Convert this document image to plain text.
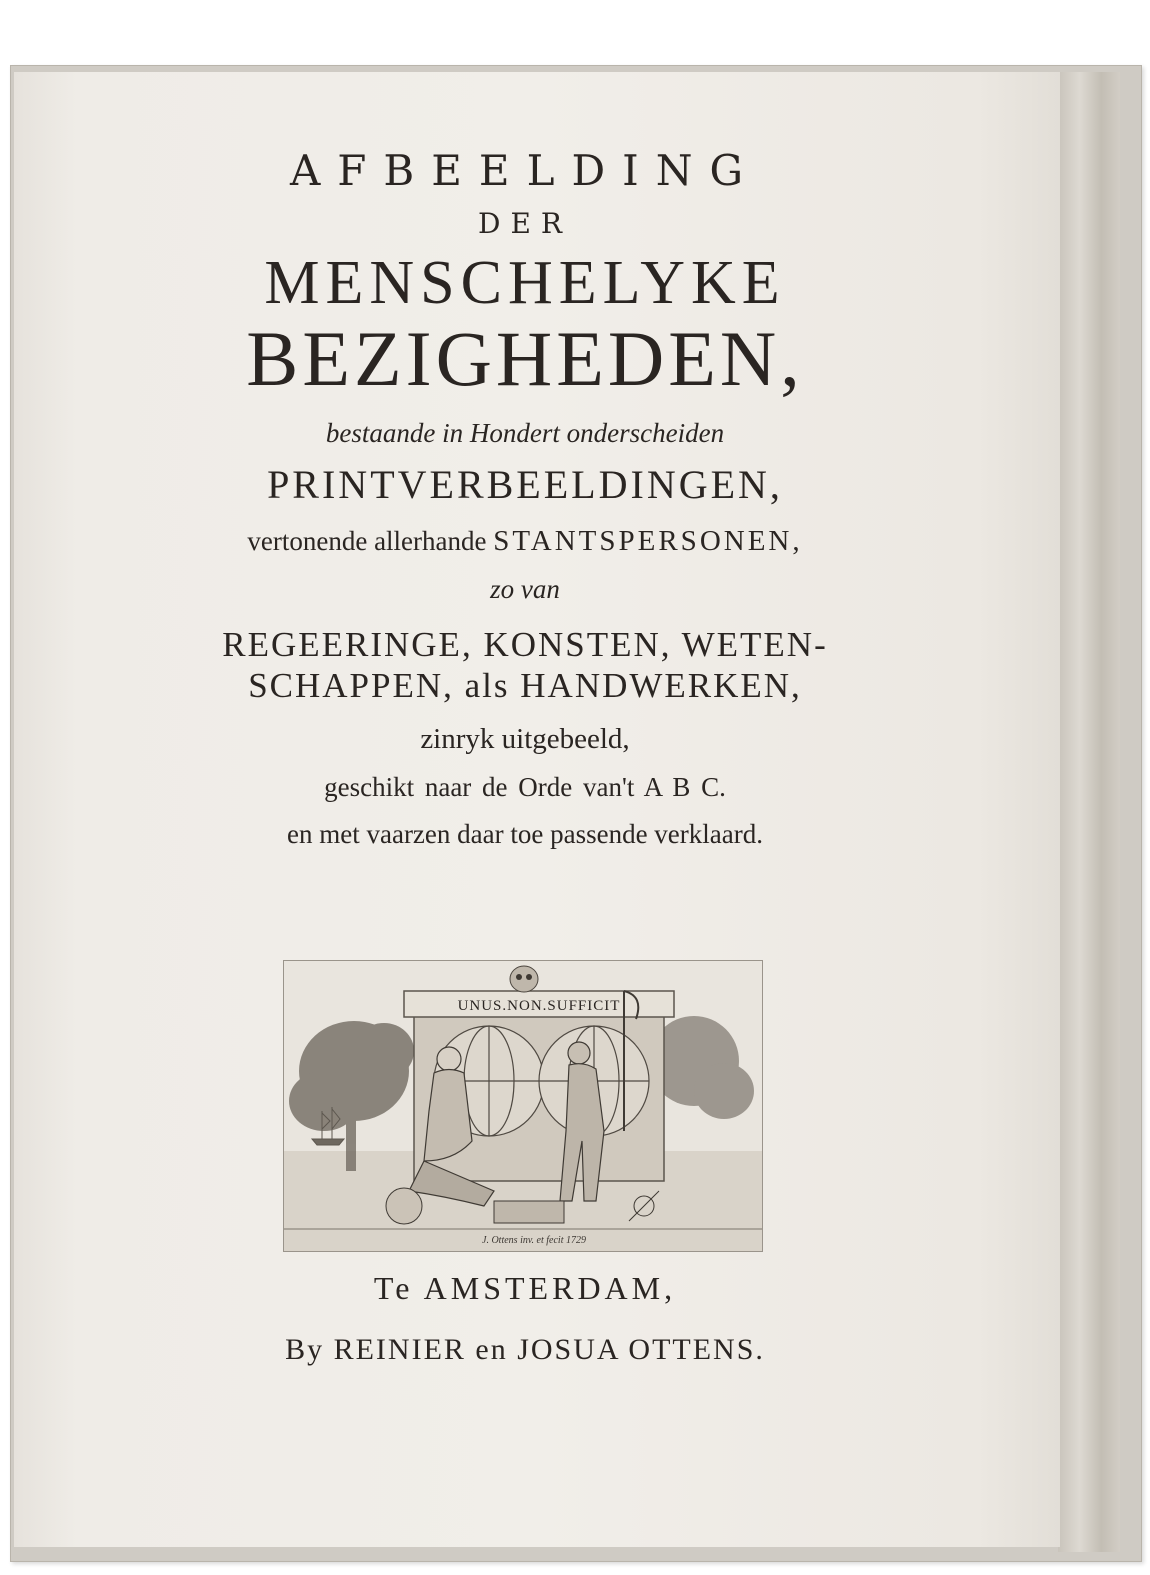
AFBEELDING
DER
MENSCHELYKE
BEZIGHEDEN,
bestaande in Hondert onderscheiden
PRINTVERBEELDINGEN,
vertonende allerhande STANTSPERSONEN,
zo van
REGEERINGE, KONSTEN, WETEN-
SCHAPPEN, als HANDWERKEN,
zinryk uitgebeeld,
geschikt naar de Orde van't A B C.
en met vaarzen daar toe passende verklaard.
UNUS.NON.SUFFICIT
J. Ottens inv. et fecit 1729
Te AMSTERDAM,
By REINIER en JOSUA OTTENS.
